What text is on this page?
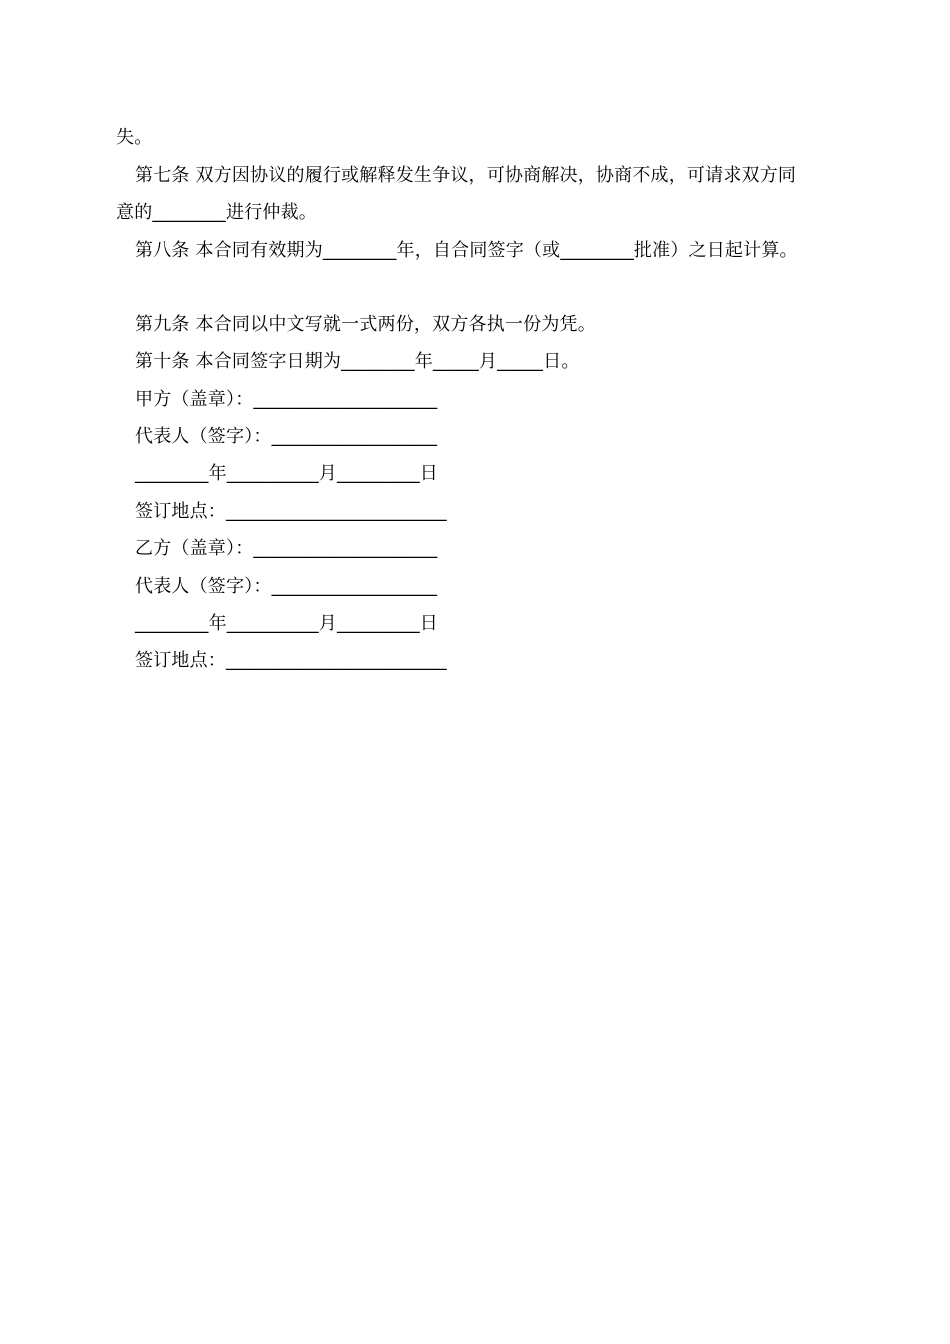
失。
第七条 双方因协议的履行或解释发生争议，可协商解决，协商不成，可请求双方同
意的________进行仲裁。
第八条 本合同有效期为________年，自合同签字（或________批准）之日起计算。
第九条 本合同以中文写就一式两份，双方各执一份为凭。
第十条 本合同签字日期为________年_____月_____日。
甲方（盖章）：____________________
代表人（签字）：__________________
________年__________月_________日
签订地点：________________________
乙方（盖章）：____________________
代表人（签字）：__________________
________年__________月_________日
签订地点：________________________
